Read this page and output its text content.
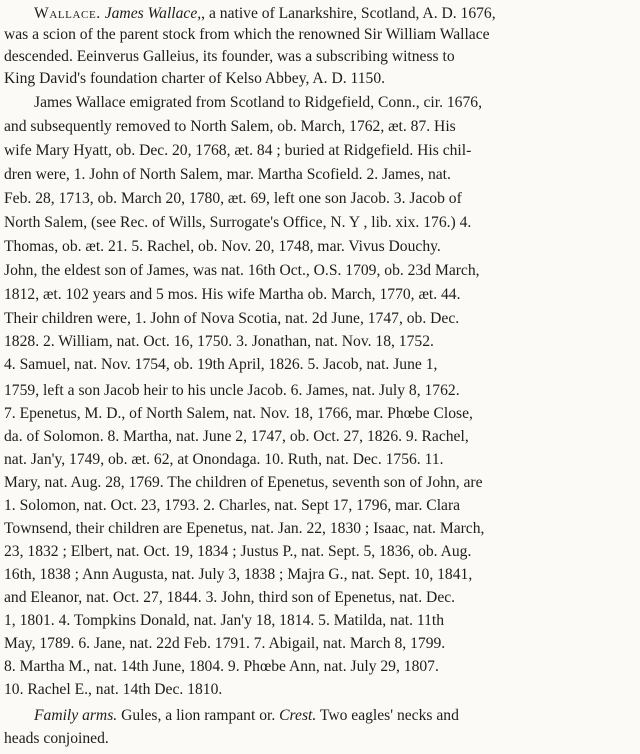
Wallace. James Wallace,, a native of Lanarkshire, Scotland, A. D. 1676,
was a scion of the parent stock from which the renowned Sir William Wallace
descended. Eeinverus Galleius, its founder, was a subscribing witness to
King David's foundation charter of Kelso Abbey, A. D. 1150.
James Wallace emigrated from Scotland to Ridgefield, Conn., cir. 1676,
and subsequently removed to North Salem, ob. March, 1762, æt. 87. His
wife Mary Hyatt, ob. Dec. 20, 1768, æt. 84 ; buried at Ridgefield. His chil-
dren were, 1. John of North Salem, mar. Martha Scofield. 2. James, nat.
Feb. 28, 1713, ob. March 20, 1780, æt. 69, left one son Jacob. 3. Jacob of
North Salem, (see Rec. of Wills, Surrogate's Office, N. Y , lib. xix. 176.) 4.
Thomas, ob. æt. 21. 5. Rachel, ob. Nov. 20, 1748, mar. Vivus Douchy.
John, the eldest son of James, was nat. 16th Oct., O.S. 1709, ob. 23d March,
1812, æt. 102 years and 5 mos. His wife Martha ob. March, 1770, æt. 44.
Their children were, 1. John of Nova Scotia, nat. 2d June, 1747, ob. Dec.
1828. 2. William, nat. Oct. 16, 1750. 3. Jonathan, nat. Nov. 18, 1752.
4. Samuel, nat. Nov. 1754, ob. 19th April, 1826. 5. Jacob, nat. June 1,
1759, left a son Jacob heir to his uncle Jacob. 6. James, nat. July 8, 1762.
7. Epenetus, M. D., of North Salem, nat. Nov. 18, 1766, mar. Phœbe Close,
da. of Solomon. 8. Martha, nat. June 2, 1747, ob. Oct. 27, 1826. 9. Rachel,
nat. Jan'y, 1749, ob. æt. 62, at Onondaga. 10. Ruth, nat. Dec. 1756. 11.
Mary, nat. Aug. 28, 1769. The children of Epenetus, seventh son of John, are
1. Solomon, nat. Oct. 23, 1793. 2. Charles, nat. Sept 17, 1796, mar. Clara
Townsend, their children are Epenetus, nat. Jan. 22, 1830 ; Isaac, nat. March,
23, 1832 ; Elbert, nat. Oct. 19, 1834 ; Justus P., nat. Sept. 5, 1836, ob. Aug.
16th, 1838 ; Ann Augusta, nat. July 3, 1838 ; Majra G., nat. Sept. 10, 1841,
and Eleanor, nat. Oct. 27, 1844. 3. John, third son of Epenetus, nat. Dec.
1, 1801. 4. Tompkins Donald, nat. Jan'y 18, 1814. 5. Matilda, nat. 11th
May, 1789. 6. Jane, nat. 22d Feb. 1791. 7. Abigail, nat. March 8, 1799.
8. Martha M., nat. 14th June, 1804. 9. Phœbe Ann, nat. July 29, 1807.
10. Rachel E., nat. 14th Dec. 1810.
Family arms. Gules, a lion rampant or. Crest. Two eagles' necks and
heads conjoined.
